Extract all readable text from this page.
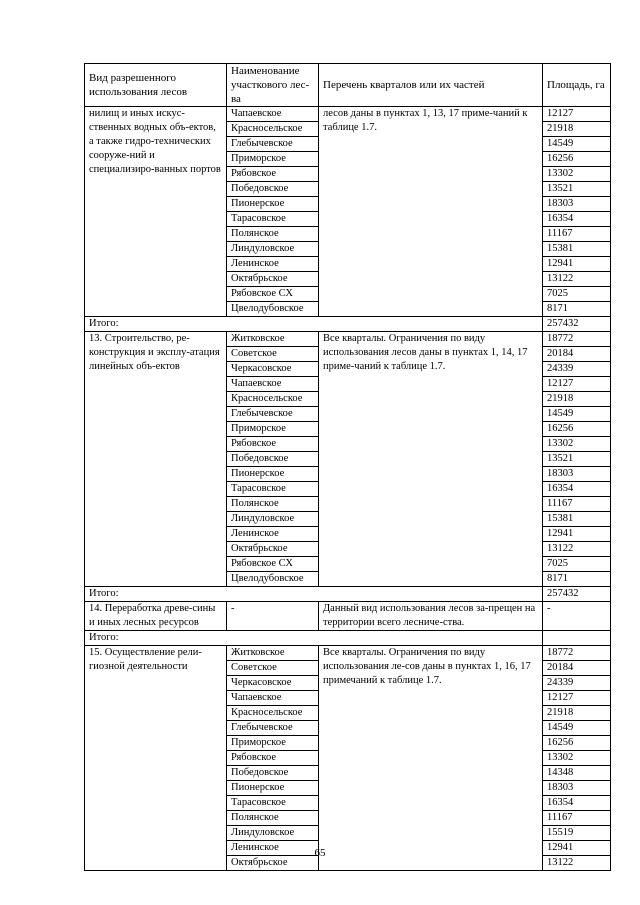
Вид разрешенного использования лесов	Наименование участкового лес-ва	Перечень кварталов или их частей	Площадь, га
нилищ и иных искус-ственных водных объ-ектов, а также гидро-технических сооруже-ний и специализиро-ванных портов	Чапаевское	лесов даны в пунктах 1, 13, 17 приме-чаний к таблице 1.7.	12127
	Красносельское		21918
	Глебычевское		14549
	Приморское		16256
	Рябовское		13302
	Победовское		13521
	Пионерское		18303
	Тарасовское		16354
	Полянское		11167
	Линдуловское		15381
	Ленинское		12941
	Октябрьское		13122
	Рябовское СХ		7025
	Цвелодубовское		8171
Итого:			257432
13. Строительство, ре-конструкция и эксплу-атация линейных объ-ектов	Житковское	Все кварталы. Ограничения по виду использования лесов даны в пунктах 1, 14, 17 приме-чаний к таблице 1.7.	18772
	Советское		20184
	Черкасовское		24339
	Чапаевское		12127
	Красносельское		21918
	Глебычевское		14549
	Приморское		16256
	Рябовское		13302
	Победовское		13521
	Пионерское		18303
	Тарасовское		16354
	Полянское		11167
	Линдуловское		15381
	Ленинское		12941
	Октябрьское		13122
	Рябовское СХ		7025
	Цвелодубовское		8171
Итого:			257432
14. Переработка древе-сины и иных лесных ресурсов	-	Данный вид использования лесов за-прещен на территории всего лесниче-ства.	-
Итого:			
15. Осуществление рели-гиозной деятельности	Житковское	Все кварталы. Ограничения по виду использования ле-сов даны в пунктах 1, 16, 17 примечаний к таблице 1.7.	18772
	Советское		20184
	Черкасовское		24339
	Чапаевское		12127
	Красносельское		21918
	Глебычевское		14549
	Приморское		16256
	Рябовское		13302
	Победовское		14348
	Пионерское		18303
	Тарасовское		16354
	Полянское		11167
	Линдуловское		15519
	Ленинское		12941
	Октябрьское		13122
65
